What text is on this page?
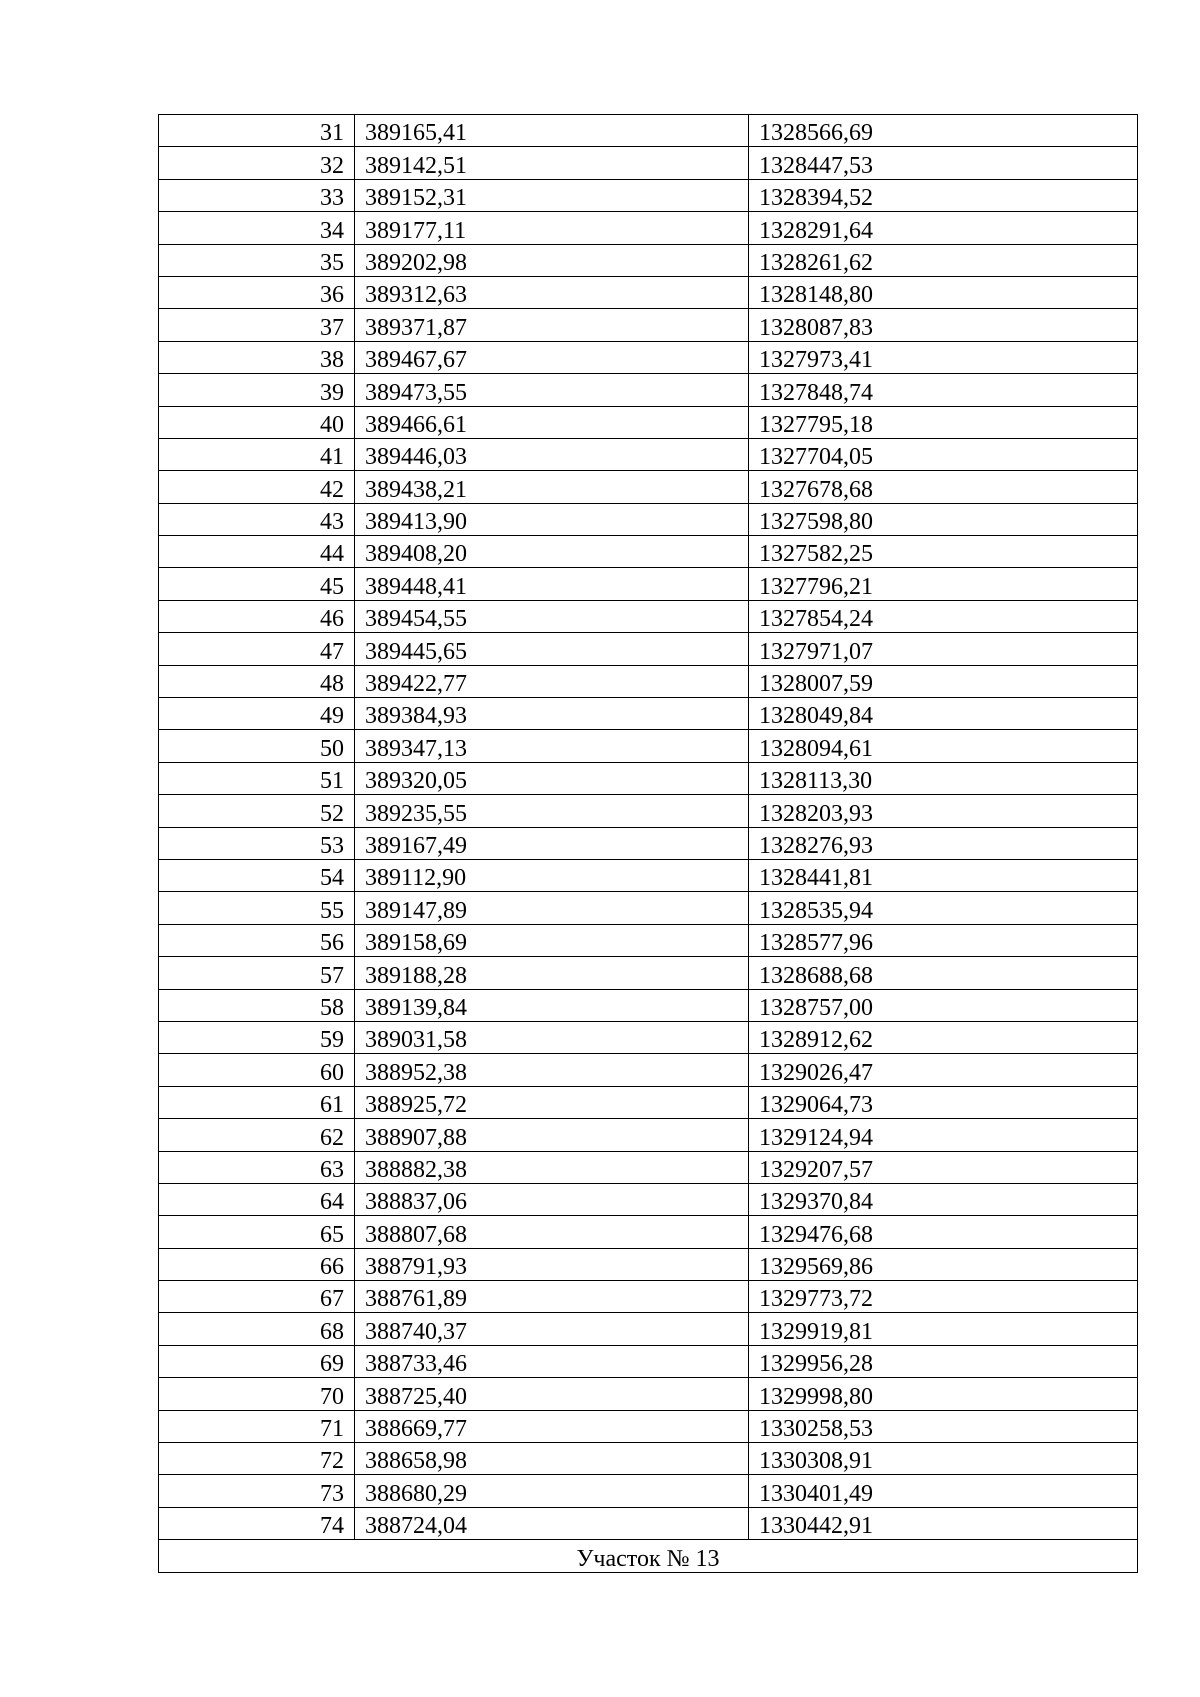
31	389165,41	1328566,69
32	389142,51	1328447,53
33	389152,31	1328394,52
34	389177,11	1328291,64
35	389202,98	1328261,62
36	389312,63	1328148,80
37	389371,87	1328087,83
38	389467,67	1327973,41
39	389473,55	1327848,74
40	389466,61	1327795,18
41	389446,03	1327704,05
42	389438,21	1327678,68
43	389413,90	1327598,80
44	389408,20	1327582,25
45	389448,41	1327796,21
46	389454,55	1327854,24
47	389445,65	1327971,07
48	389422,77	1328007,59
49	389384,93	1328049,84
50	389347,13	1328094,61
51	389320,05	1328113,30
52	389235,55	1328203,93
53	389167,49	1328276,93
54	389112,90	1328441,81
55	389147,89	1328535,94
56	389158,69	1328577,96
57	389188,28	1328688,68
58	389139,84	1328757,00
59	389031,58	1328912,62
60	388952,38	1329026,47
61	388925,72	1329064,73
62	388907,88	1329124,94
63	388882,38	1329207,57
64	388837,06	1329370,84
65	388807,68	1329476,68
66	388791,93	1329569,86
67	388761,89	1329773,72
68	388740,37	1329919,81
69	388733,46	1329956,28
70	388725,40	1329998,80
71	388669,77	1330258,53
72	388658,98	1330308,91
73	388680,29	1330401,49
74	388724,04	1330442,91
Участок № 13		
